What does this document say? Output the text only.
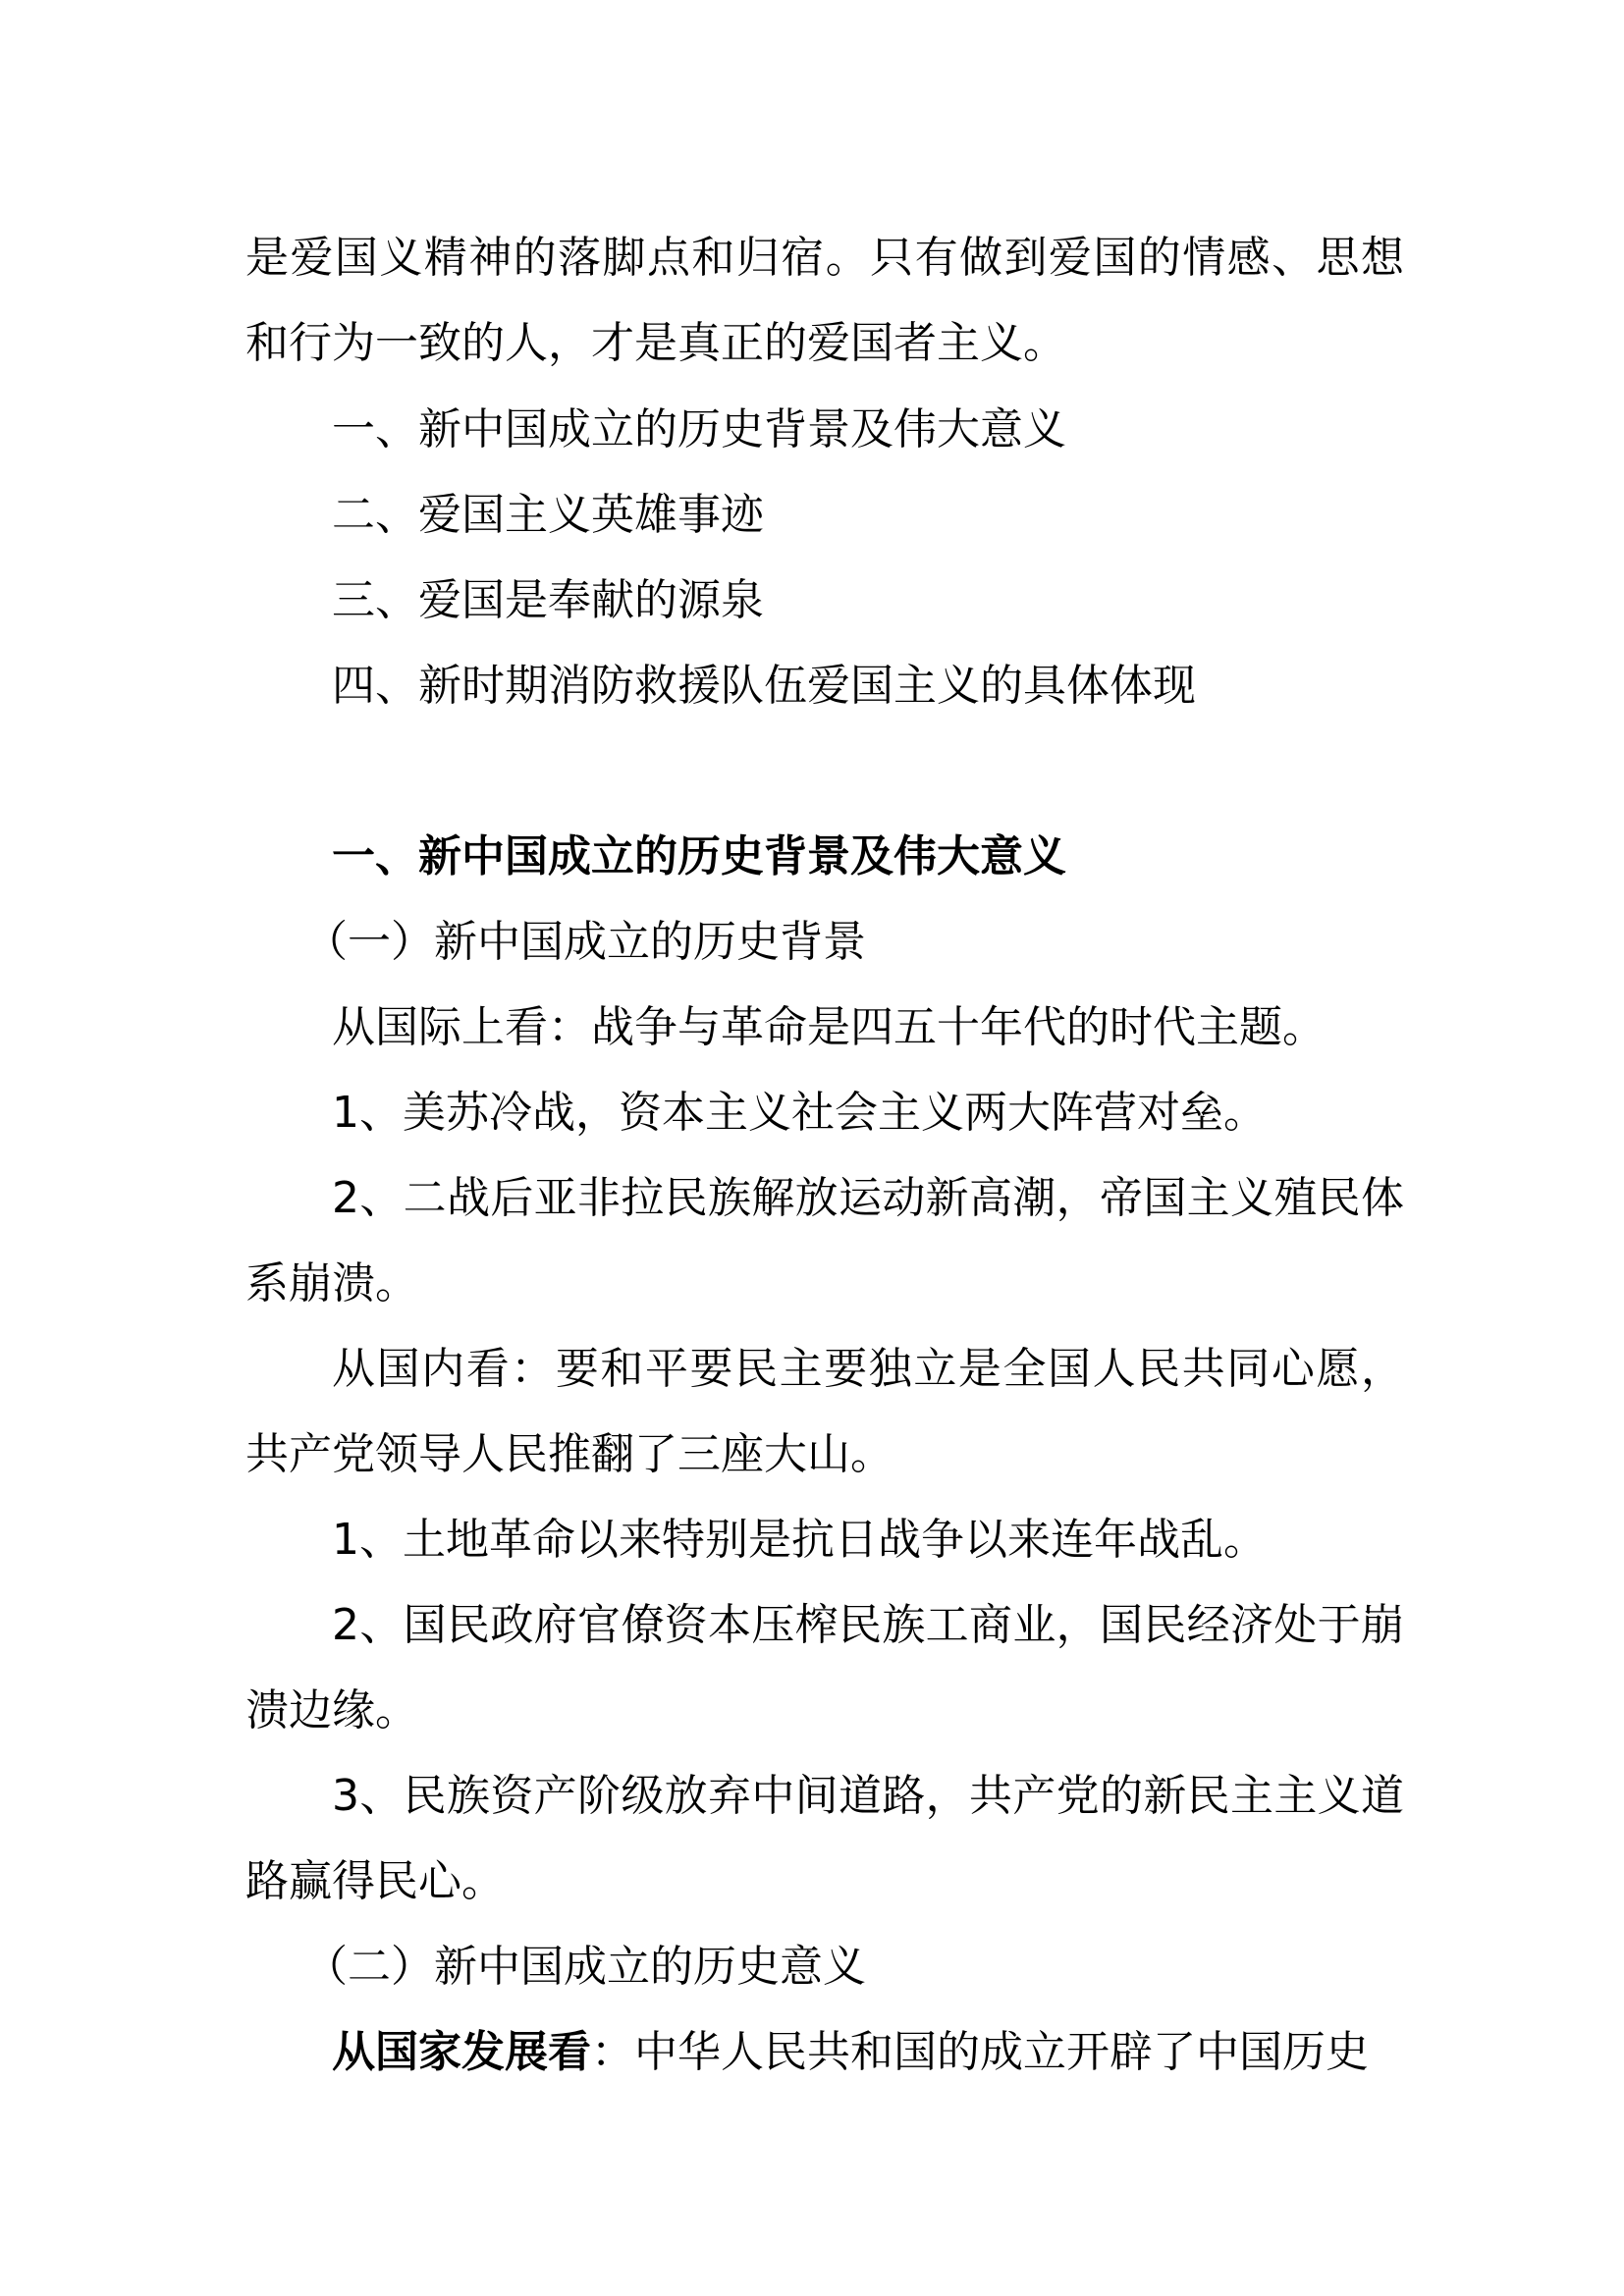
是爱国义精神的落脚点和归宿。只有做到爱国的情感、思想
和行为一致的人，才是真正的爱国者主义。
一、新中国成立的历史背景及伟大意义
二、爱国主义英雄事迹
三、爱国是奉献的源泉
四、新时期消防救援队伍爱国主义的具体体现
一、新中国成立的历史背景及伟大意义
（一）新中国成立的历史背景
从国际上看：战争与革命是四五十年代的时代主题。
1、美苏冷战，资本主义社会主义两大阵营对垒。
2、二战后亚非拉民族解放运动新高潮，帝国主义殖民体
系崩溃。
从国内看：要和平要民主要独立是全国人民共同心愿，
共产党领导人民推翻了三座大山。
1、土地革命以来特别是抗日战争以来连年战乱。
2、国民政府官僚资本压榨民族工商业，国民经济处于崩
溃边缘。
3、民族资产阶级放弃中间道路，共产党的新民主主义道
路赢得民心。
（二）新中国成立的历史意义
从国家发展看：中华人民共和国的成立开辟了中国历史
